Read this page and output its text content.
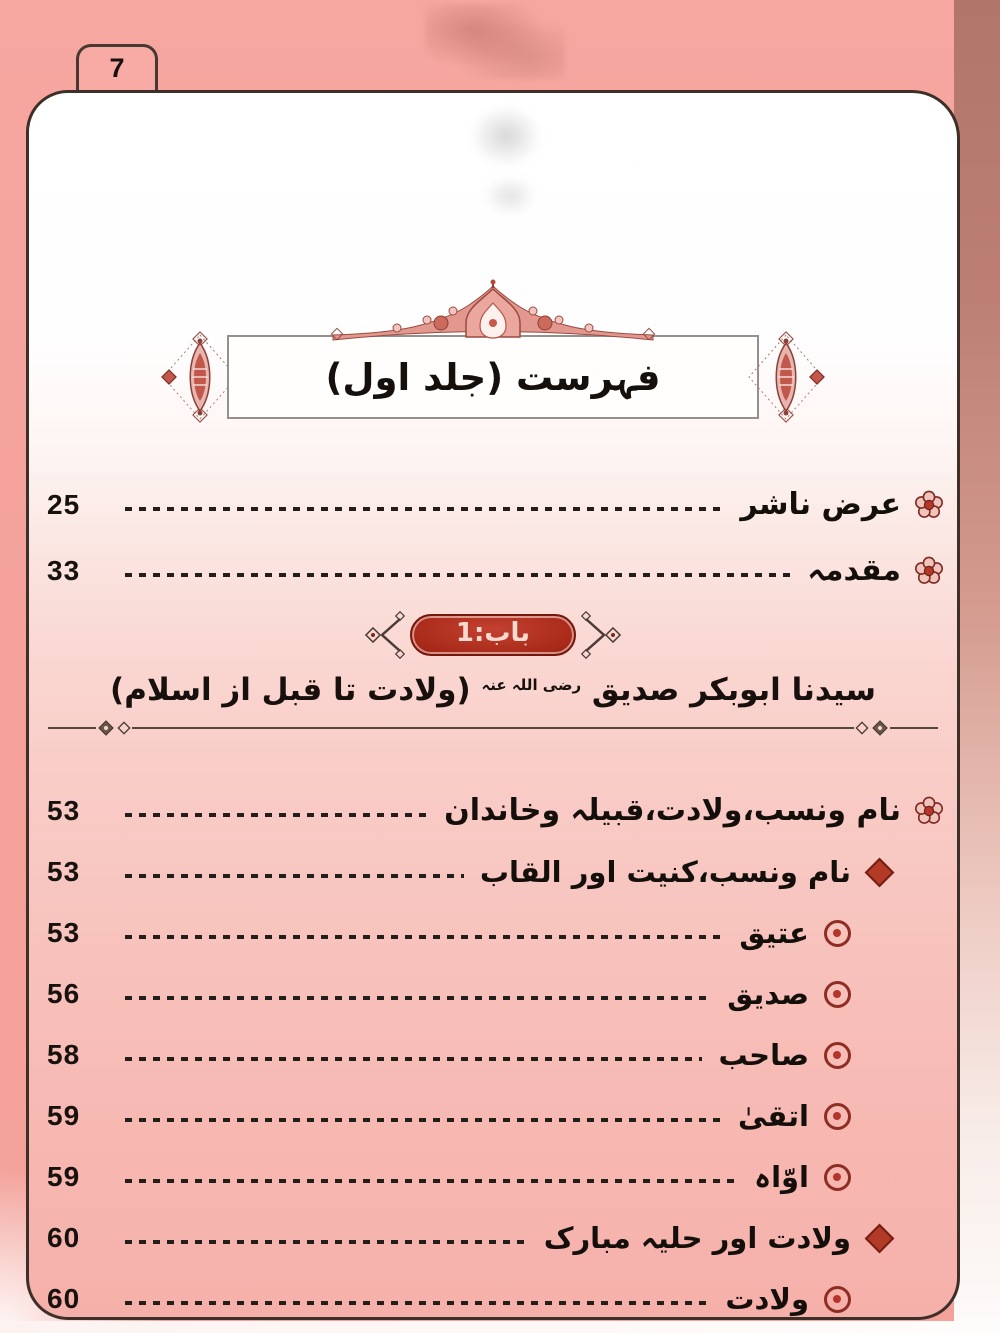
7
فہرست (جلد اول)
25	عرض ناشر
33	مقدمہ
باب:1
سیدنا ابوبکر صدیق $^{رضی اللہ عنہ}$ (ولادت تا قبل از اسلام)
53	نام ونسب،ولادت،قبیلہ وخاندان
53	نام ونسب،کنیت اور القاب
53	عتیق
56	صدیق
58	صاحب
59	اتقیٰ
59	اوّاہ
60	ولادت اور حلیہ مبارک
60	ولادت
